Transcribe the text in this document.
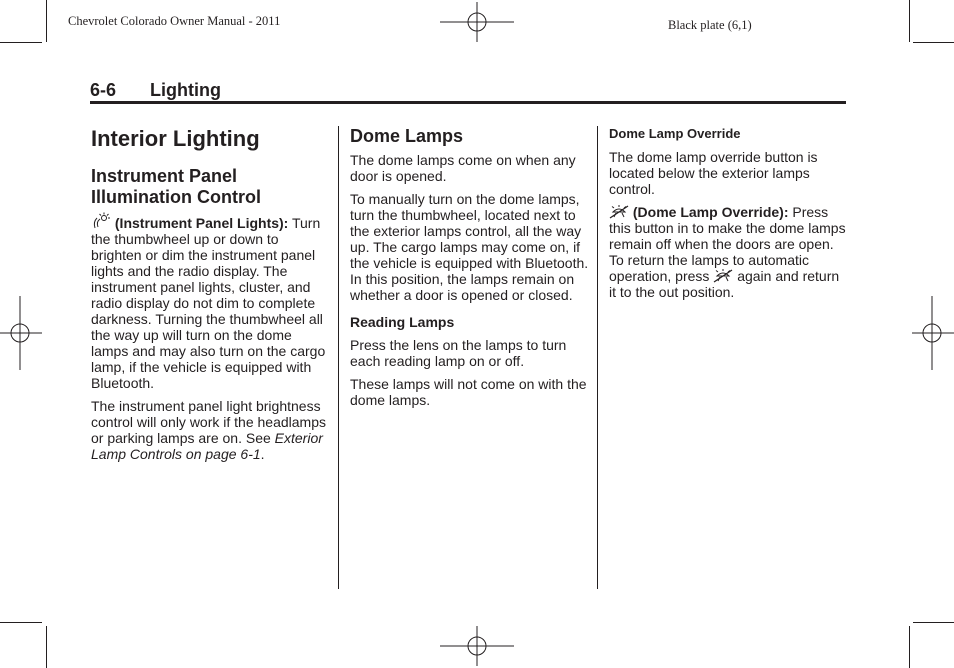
Chevrolet Colorado Owner Manual - 2011	Black plate (6,1)
6-6 Lighting
Interior Lighting
Instrument Panel
Illumination Control

(Instrument Panel Lights): Turn the thumbwheel up or down to brighten or dim the instrument panel lights and the radio display. The instrument panel lights, cluster, and radio display do not dim to complete darkness. Turning the thumbwheel all the way up will turn on the dome lamps and may also turn on the cargo lamp, if the vehicle is equipped with Bluetooth.

The instrument panel light brightness control will only work if the headlamps or parking lamps are on. See Exterior Lamp Controls on page 6-1.

Dome Lamps

The dome lamps come on when any door is opened.

To manually turn on the dome lamps, turn the thumbwheel, located next to the exterior lamps control, all the way up. The cargo lamps may come on, if the vehicle is equipped with Bluetooth. In this position, the lamps remain on whether a door is opened or closed.

Reading Lamps

Press the lens on the lamps to turn each reading lamp on or off.

These lamps will not come on with the dome lamps.

Dome Lamp Override

The dome lamp override button is located below the exterior lamps control.

(Dome Lamp Override): Press this button in to make the dome lamps remain off when the doors are open. To return the lamps to automatic operation, press again and return it to the out position.
